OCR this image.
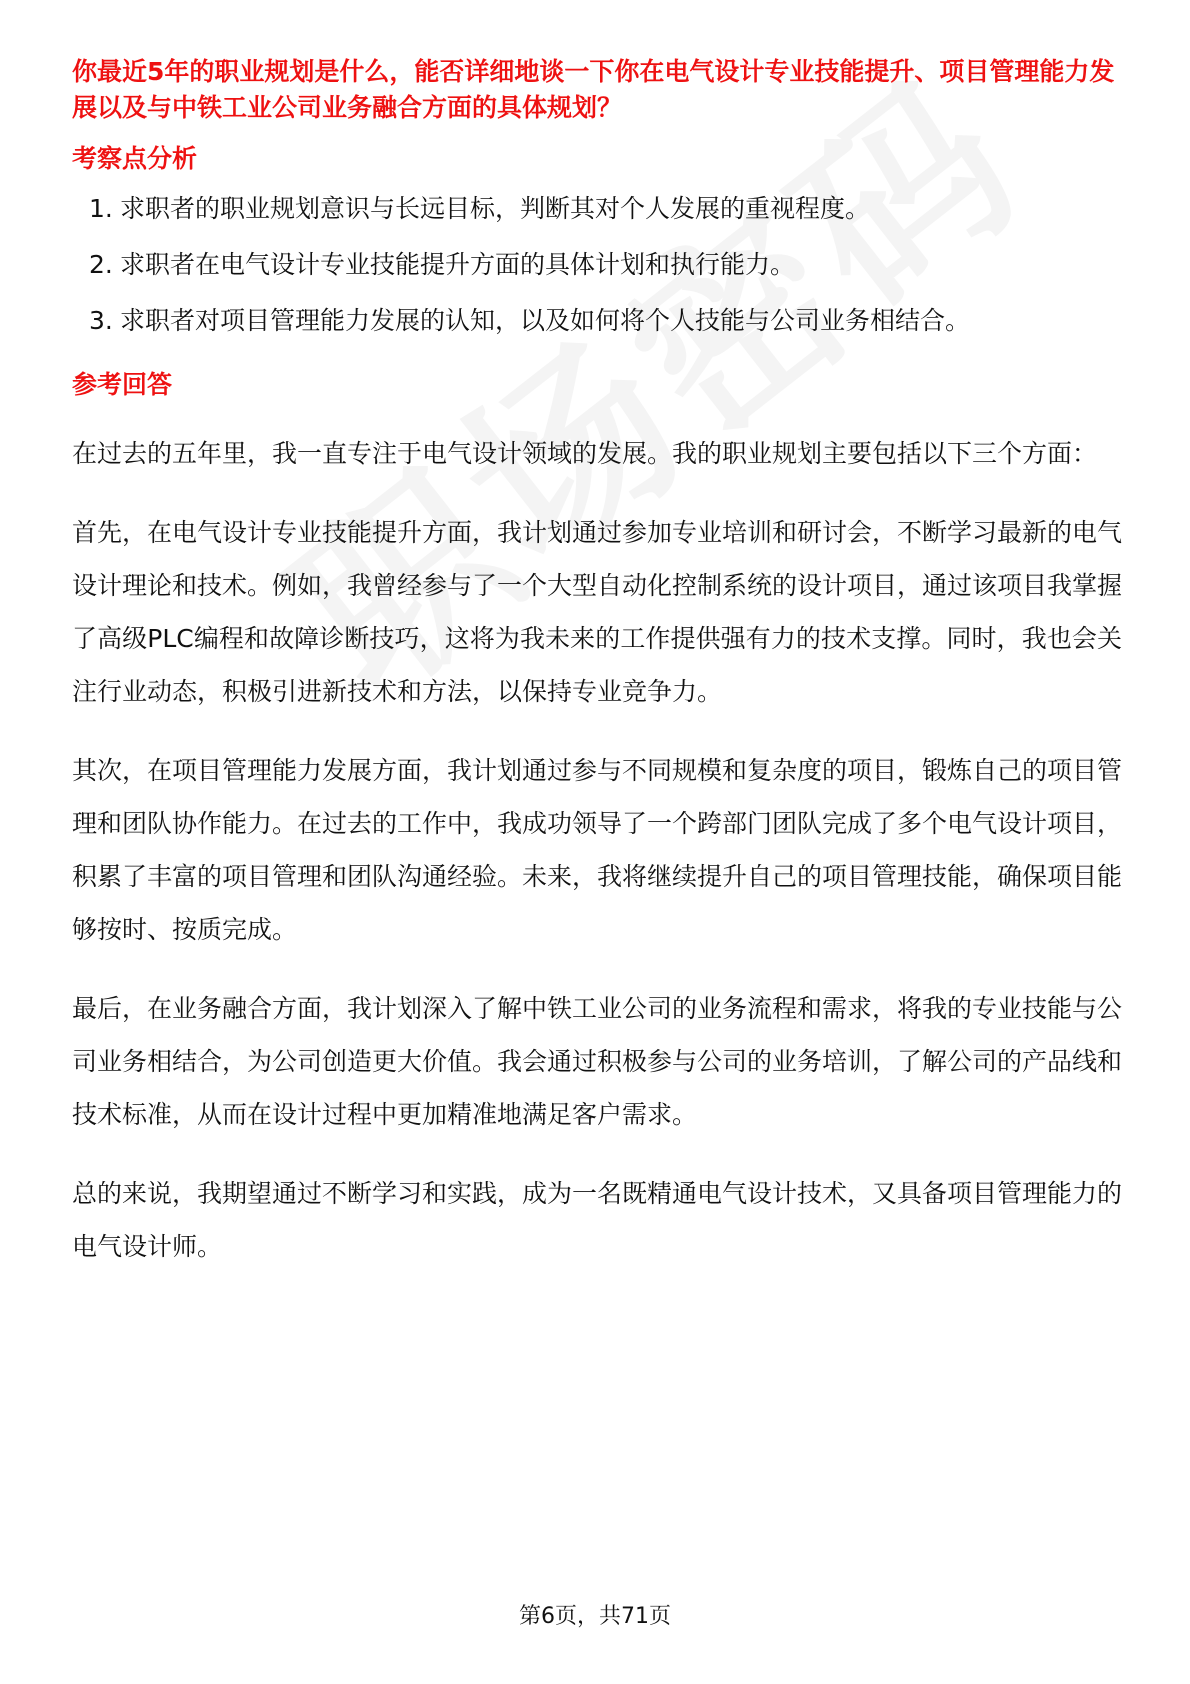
你最近5年的职业规划是什么，能否详细地谈一下你在电气设计专业技能提升、项目管理能力发展以及与中铁工业公司业务融合方面的具体规划？

考察点分析
1. 求职者的职业规划意识与长远目标，判断其对个人发展的重视程度。
2. 求职者在电气设计专业技能提升方面的具体计划和执行能力。
3. 求职者对项目管理能力发展的认知，以及如何将个人技能与公司业务相结合。
参考回答

在过去的五年里，我一直专注于电气设计领域的发展。我的职业规划主要包括以下三个方面：

首先，在电气设计专业技能提升方面，我计划通过参加专业培训和研讨会，不断学习最新的电气设计理论和技术。例如，我曾经参与了一个大型自动化控制系统的设计项目，通过该项目我掌握了高级PLC编程和故障诊断技巧，这将为我未来的工作提供强有力的技术支撑。同时，我也会关注行业动态，积极引进新技术和方法，以保持专业竞争力。

其次，在项目管理能力发展方面，我计划通过参与不同规模和复杂度的项目，锻炼自己的项目管理和团队协作能力。在过去的工作中，我成功领导了一个跨部门团队完成了多个电气设计项目，积累了丰富的项目管理和团队沟通经验。未来，我将继续提升自己的项目管理技能，确保项目能够按时、按质完成。

最后，在业务融合方面，我计划深入了解中铁工业公司的业务流程和需求，将我的专业技能与公司业务相结合，为公司创造更大价值。我会通过积极参与公司的业务培训，了解公司的产品线和技术标准，从而在设计过程中更加精准地满足客户需求。

总的来说，我期望通过不断学习和实践，成为一名既精通电气设计技术，又具备项目管理能力的电气设计师。

第6页，共71页
